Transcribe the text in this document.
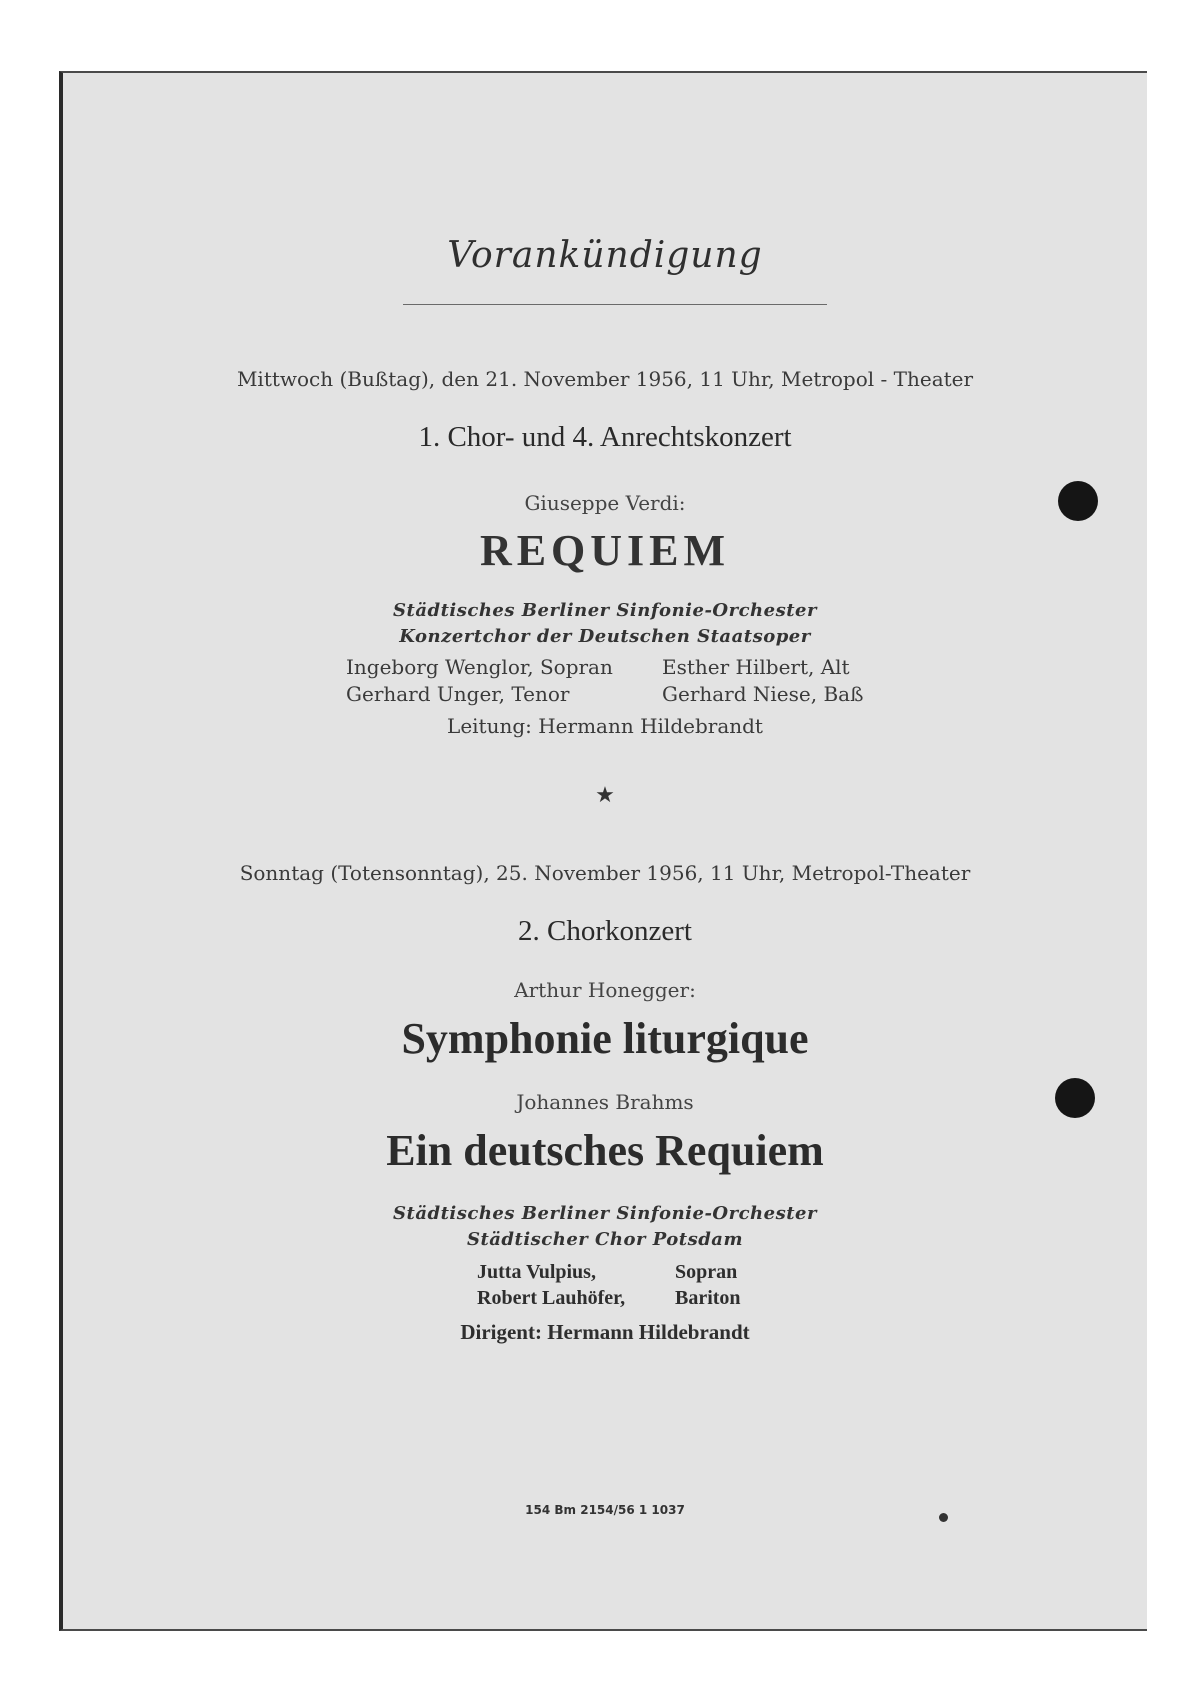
Vorankündigung
Mittwoch (Bußtag), den 21. November 1956, 11 Uhr, Metropol - Theater
1. Chor- und 4. Anrechtskonzert
Giuseppe Verdi:
REQUIEM
Städtisches Berliner Sinfonie-Orchester
Konzertchor der Deutschen Staatsoper
Ingeborg Wenglor, Sopran	Esther Hilbert, Alt
Gerhard Unger, Tenor	Gerhard Niese, Baß
Leitung: Hermann Hildebrandt
★
Sonntag (Totensonntag), 25. November 1956, 11 Uhr, Metropol-Theater
2. Chorkonzert
Arthur Honegger:
Symphonie liturgique
Johannes Brahms
Ein deutsches Requiem
Städtisches Berliner Sinfonie-Orchester
Städtischer Chor Potsdam
Jutta Vulpius,	Sopran
Robert Lauhöfer,	Bariton
Dirigent: Hermann Hildebrandt
154 Bm 2154/56 1 1037
